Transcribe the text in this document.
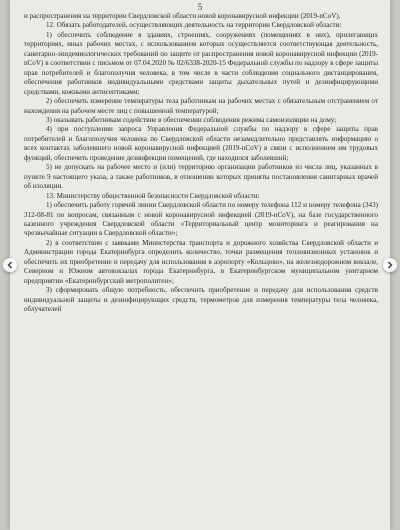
5

и распространения на территории Свердловской области новой коронавирусной инфекции (2019-nCoV).

12. Обязать работодателей, осуществляющих деятельность на территории Свердловской области:

1) обеспечить соблюдение в зданиях, строениях, сооружениях (помещениях в них), прилегающих территориях, иных рабочих местах, с использованием которых осуществляется соответствующая деятельность, санитарно-эпидемиологических требований по защите от распространения новой коронавирусной инфекции (2019-nCoV) в соответствии с письмом от 07.04.2020 № 02/6338-2020-15 Федеральной службы по надзору в сфере защиты прав потребителей и благополучия человека, в том числе в части соблюдения социального дистанцирования, обеспечения работников индивидуальными средствами защиты дыхательных путей и дезинфицирующими средствами, кожными антисептиками;

2) обеспечить измерение температуры тела работникам на рабочих местах с обязательным отстранением от нахождения на рабочем месте лиц с повышенной температурой;

3) оказывать работникам содействие в обеспечении соблюдения режима самоизоляции на дому;

4) при поступлении запроса Управления Федеральной службы по надзору в сфере защиты прав потребителей и благополучия человека по Свердловской области незамедлительно представлять информацию о всех контактах заболевшего новой коронавирусной инфекцией (2019-nCoV) в связи с исполнением им трудовых функций, обеспечить проведение дезинфекции помещений, где находился заболевший;

5) не допускать на рабочее место и (или) территорию организации работников из числа лиц, указанных в пункте 9 настоящего указа, а также работников, в отношении которых приняты постановления санитарных врачей об изоляции.

13. Министерству общественной безопасности Свердловской области:

1) обеспечить работу горячей линии Свердловской области по номеру телефона 112 и номеру телефона (343) 312-08-81 по вопросам, связанным с новой коронавирусной инфекцией (2019-nCoV), на базе государственного казенного учреждения Свердловской области «Территориальный центр мониторинга и реагирования на чрезвычайные ситуации в Свердловской области»;

2) в соответствии с заявками Министерства транспорта и дорожного хозяйства Свердловской области и Администрации города Екатеринбурга определить количество, точки размещения тепловизионных установок и обеспечить их приобретение и передачу для использования в аэропорту «Кольцово», на железнодорожном вокзале, Северном и Южном автовокзалах города Екатеринбурга, в Екатеринбургском муниципальном унитарном предприятии «Екатеринбургский метрополитен»;

3) сформировать общую потребность, обеспечить приобретение и передачу для использования средств индивидуальной защиты и дезинфицирующих средств, термометров для измерения температуры тела человека, облучателей
